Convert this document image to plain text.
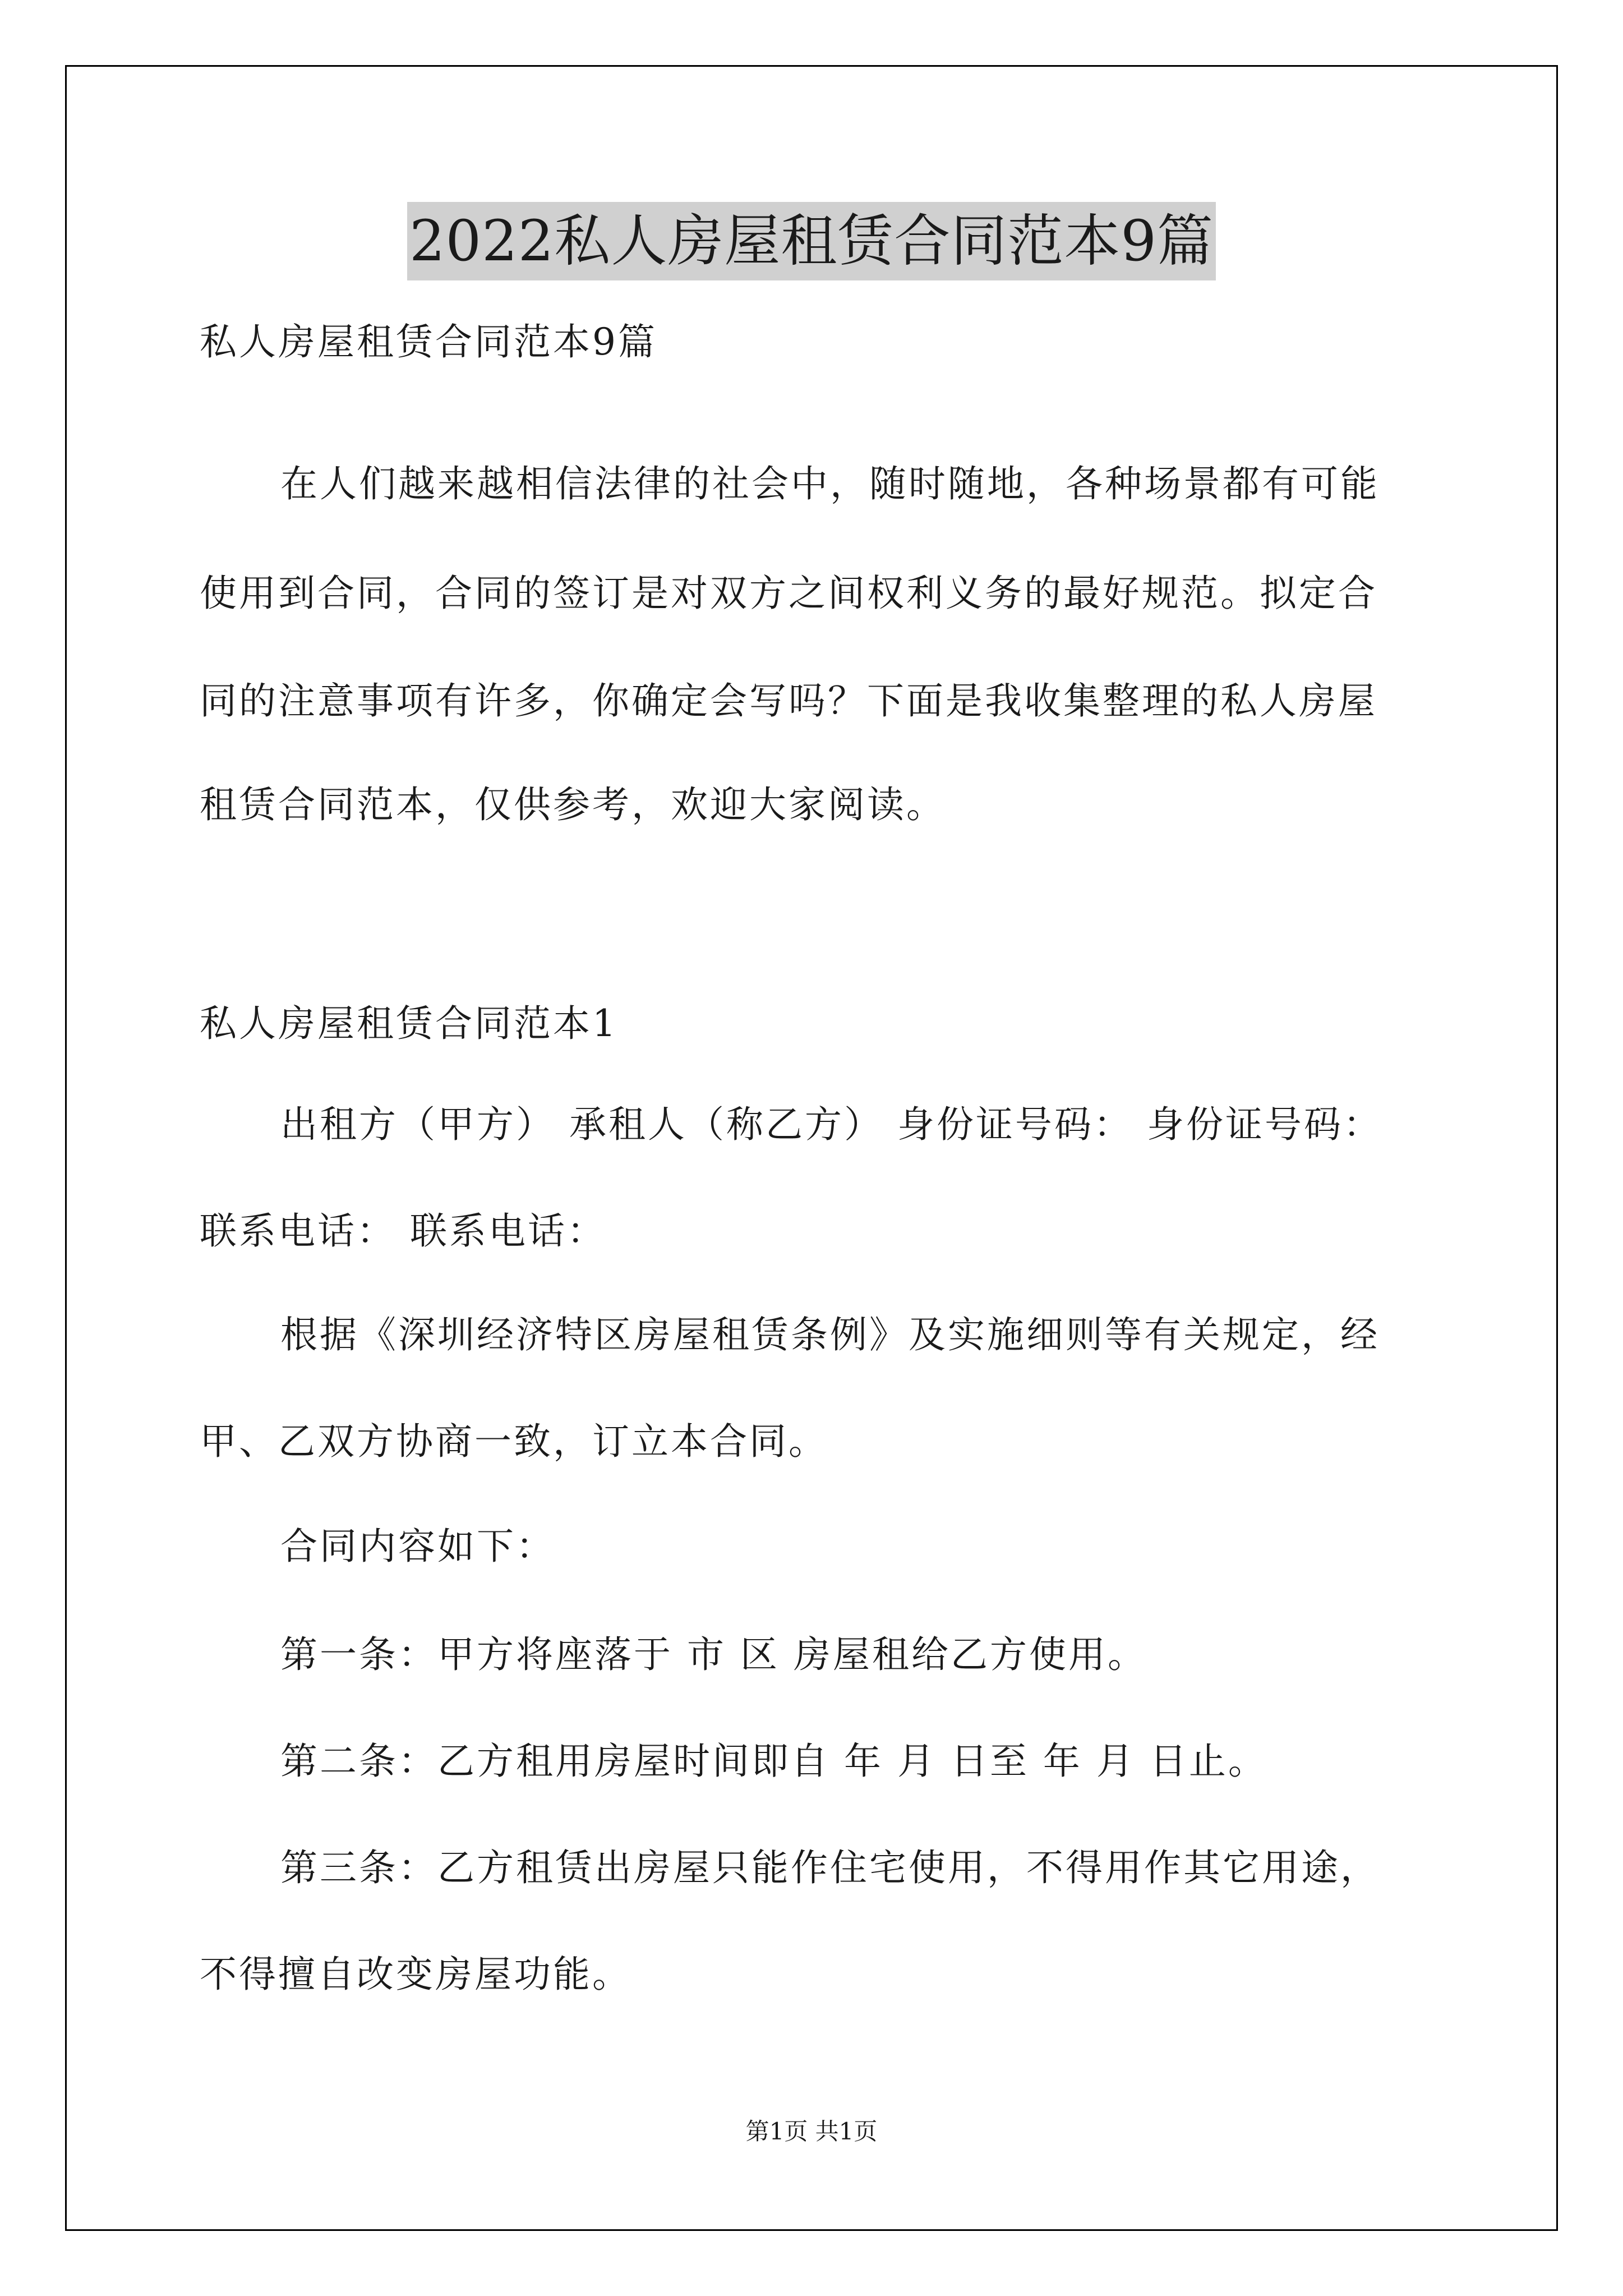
2022私人房屋租赁合同范本9篇

私人房屋租赁合同范本9篇

在人们越来越相信法律的社会中，随时随地，各种场景都有可能

使用到合同，合同的签订是对双方之间权利义务的最好规范。拟定合

同的注意事项有许多，你确定会写吗？下面是我收集整理的私人房屋

租赁合同范本，仅供参考，欢迎大家阅读。

私人房屋租赁合同范本1

出租方（甲方） 承租人（称乙方） 身份证号码： 身份证号码：

联系电话： 联系电话：

根据《深圳经济特区房屋租赁条例》及实施细则等有关规定，经

甲、乙双方协商一致，订立本合同。

合同内容如下：

第一条：甲方将座落于 市 区 房屋租给乙方使用。

第二条：乙方租用房屋时间即自 年 月 日至 年 月 日止。

第三条：乙方租赁出房屋只能作住宅使用，不得用作其它用途，

不得擅自改变房屋功能。

第1页 共1页
